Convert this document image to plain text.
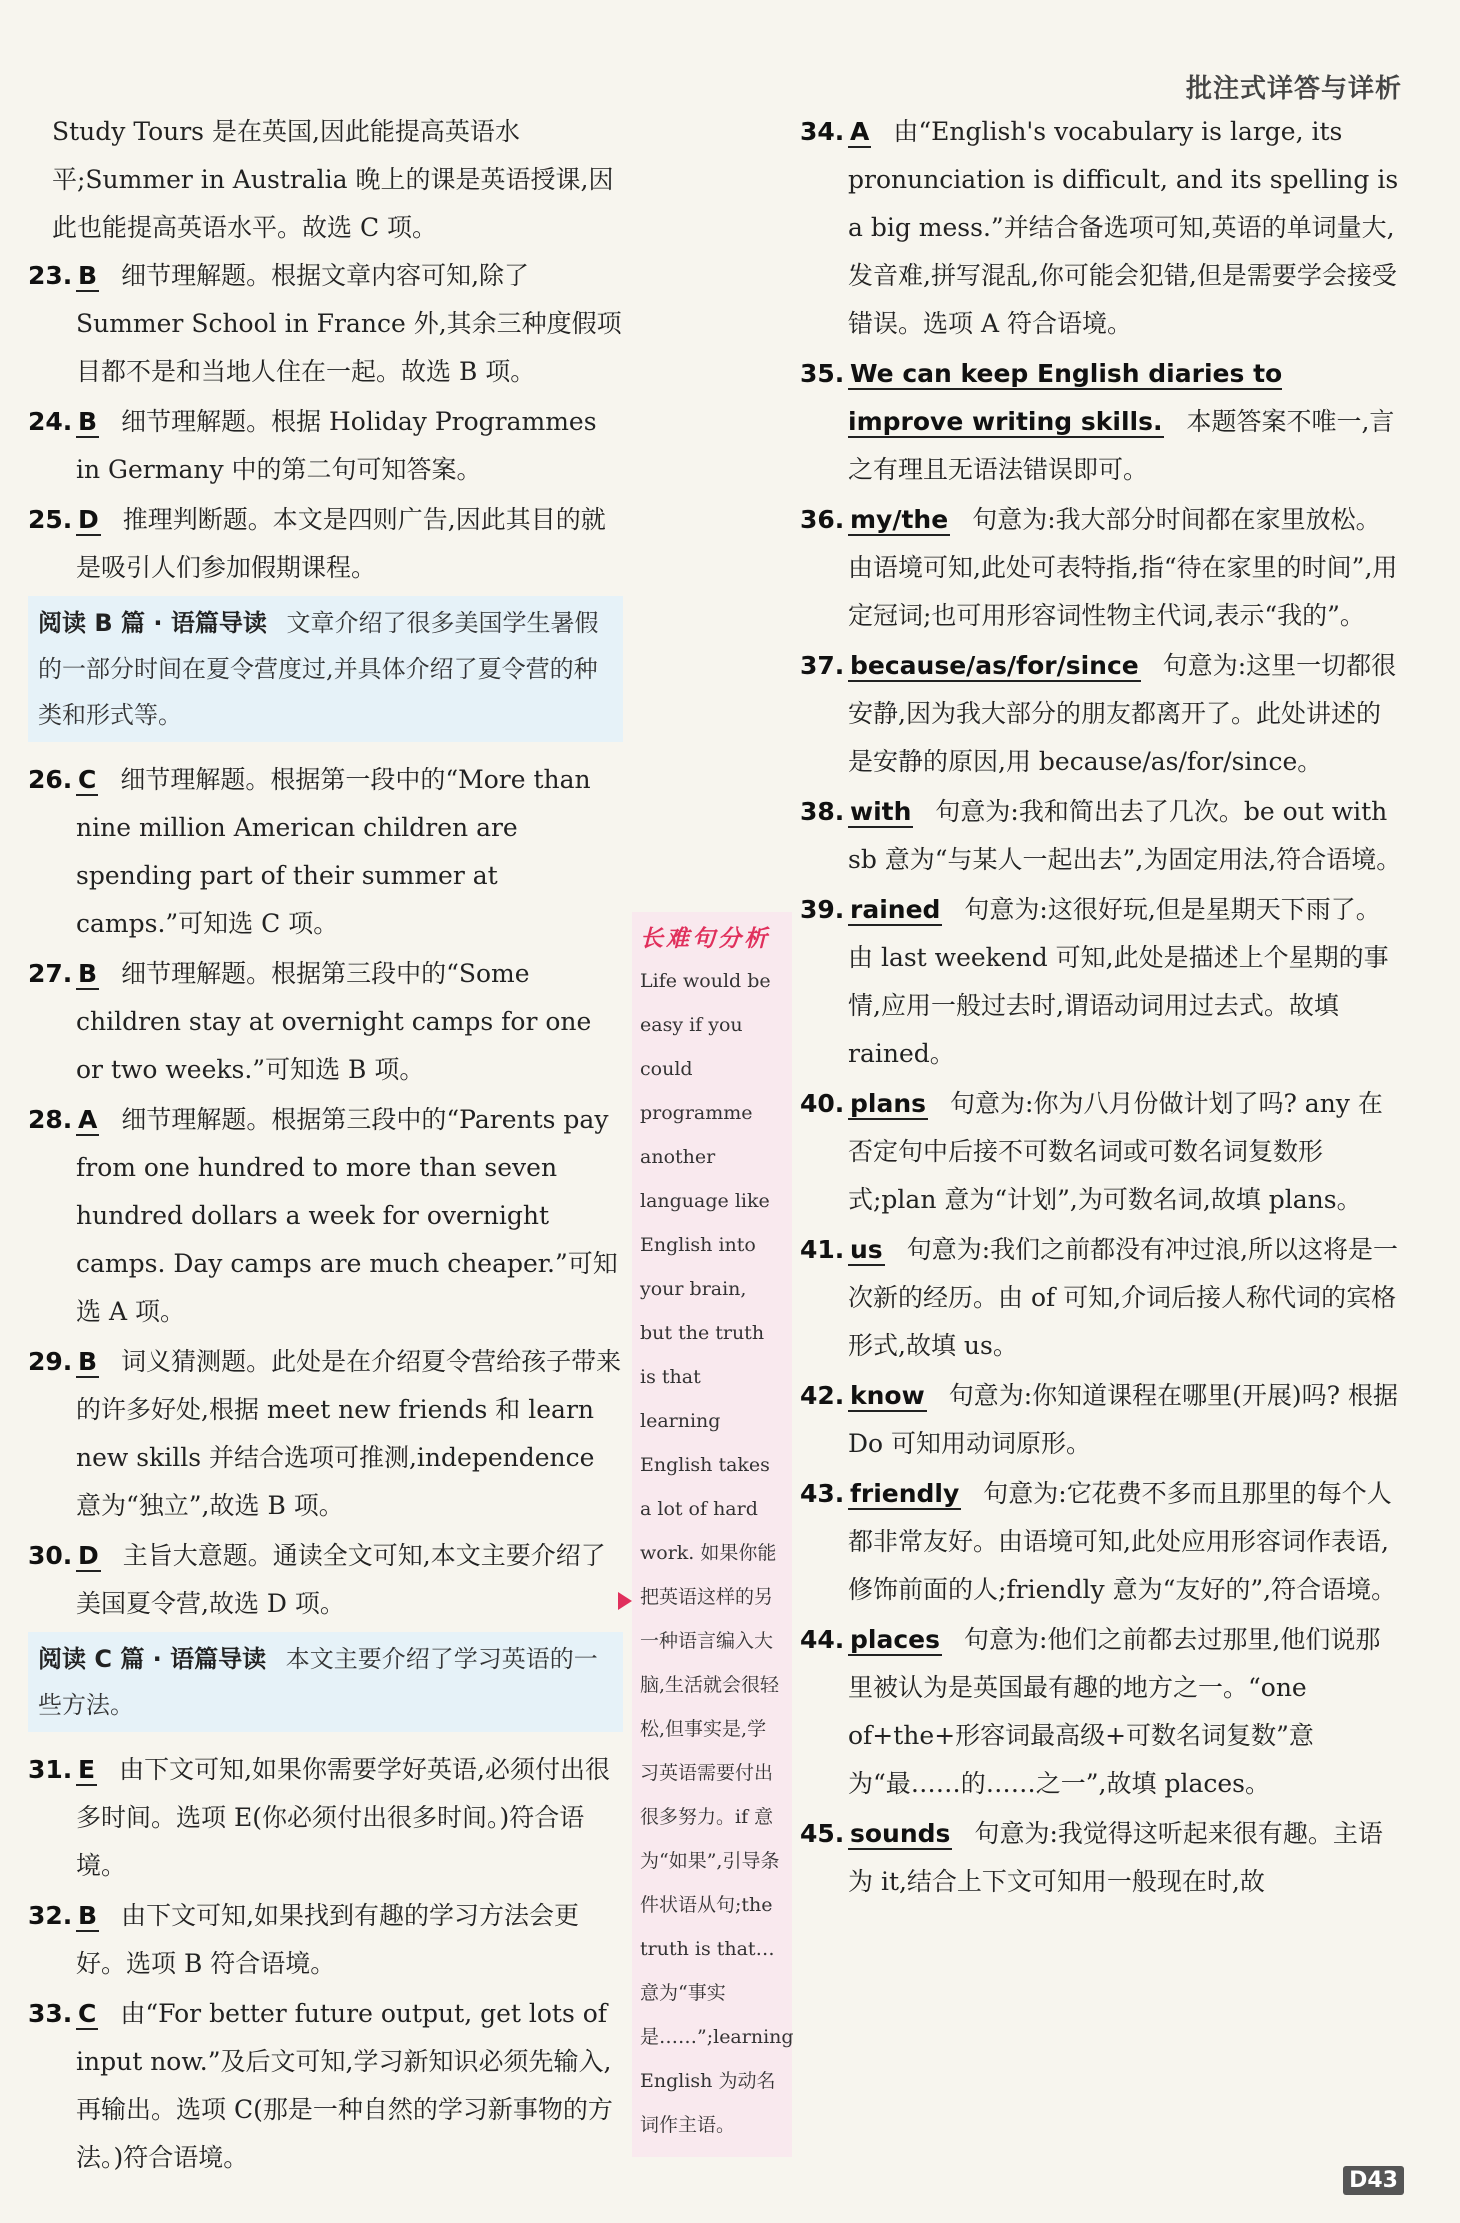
批注式详答与详析
Study Tours 是在英国,因此能提高英语水平;Summer in Australia 晚上的课是英语授课,因此也能提高英语水平。故选 C 项。
23. B 细节理解题。根据文章内容可知,除了 Summer School in France 外,其余三种度假项目都不是和当地人住在一起。故选 B 项。
24. B 细节理解题。根据 Holiday Programmes in Germany 中的第二句可知答案。
25. D 推理判断题。本文是四则广告,因此其目的就是吸引人们参加假期课程。
阅读 B 篇 · 语篇导读 文章介绍了很多美国学生暑假的一部分时间在夏令营度过,并具体介绍了夏令营的种类和形式等。
26. C 细节理解题。根据第一段中的“More than nine million American children are spending part of their summer at camps.”可知选 C 项。
27. B 细节理解题。根据第三段中的“Some children stay at overnight camps for one or two weeks.”可知选 B 项。
28. A 细节理解题。根据第三段中的“Parents pay from one hundred to more than seven hundred dollars a week for overnight camps. Day camps are much cheaper.”可知选 A 项。
29. B 词义猜测题。此处是在介绍夏令营给孩子带来的许多好处,根据 meet new friends 和 learn new skills 并结合选项可推测,independence 意为“独立”,故选 B 项。
30. D 主旨大意题。通读全文可知,本文主要介绍了美国夏令营,故选 D 项。
阅读 C 篇 · 语篇导读 本文主要介绍了学习英语的一些方法。
31. E 由下文可知,如果你需要学好英语,必须付出很多时间。选项 E(你必须付出很多时间。)符合语境。
32. B 由下文可知,如果找到有趣的学习方法会更好。选项 B 符合语境。
33. C 由“For better future output, get lots of input now.”及后文可知,学习新知识必须先输入,再输出。选项 C(那是一种自然的学习新事物的方法。)符合语境。
长难句分析
Life would be easy if you could programme another language like English into your brain, but the truth is that learning English takes a lot of hard work. 如果你能把英语这样的另一种语言编入大脑,生活就会很轻松,但事实是,学习英语需要付出很多努力。if 意为“如果”,引导条件状语从句;the truth is that… 意为“事实是……”;learning English 为动名词作主语。
34. A 由“English's vocabulary is large, its pronunciation is difficult, and its spelling is a big mess.”并结合备选项可知,英语的单词量大,发音难,拼写混乱,你可能会犯错,但是需要学会接受错误。选项 A 符合语境。
35. We can keep English diaries to improve writing skills. 本题答案不唯一,言之有理且无语法错误即可。
36. my/the 句意为:我大部分时间都在家里放松。由语境可知,此处可表特指,指“待在家里的时间”,用定冠词;也可用形容词性物主代词,表示“我的”。
37. because/as/for/since 句意为:这里一切都很安静,因为我大部分的朋友都离开了。此处讲述的是安静的原因,用 because/as/for/since。
38. with 句意为:我和简出去了几次。be out with sb 意为“与某人一起出去”,为固定用法,符合语境。
39. rained 句意为:这很好玩,但是星期天下雨了。由 last weekend 可知,此处是描述上个星期的事情,应用一般过去时,谓语动词用过去式。故填 rained。
40. plans 句意为:你为八月份做计划了吗? any 在否定句中后接不可数名词或可数名词复数形式;plan 意为“计划”,为可数名词,故填 plans。
41. us 句意为:我们之前都没有冲过浪,所以这将是一次新的经历。由 of 可知,介词后接人称代词的宾格形式,故填 us。
42. know 句意为:你知道课程在哪里(开展)吗? 根据 Do 可知用动词原形。
43. friendly 句意为:它花费不多而且那里的每个人都非常友好。由语境可知,此处应用形容词作表语,修饰前面的人;friendly 意为“友好的”,符合语境。
44. places 句意为:他们之前都去过那里,他们说那里被认为是英国最有趣的地方之一。“one of+the+形容词最高级+可数名词复数”意为“最……的……之一”,故填 places。
45. sounds 句意为:我觉得这听起来很有趣。主语为 it,结合上下文可知用一般现在时,故
D43
